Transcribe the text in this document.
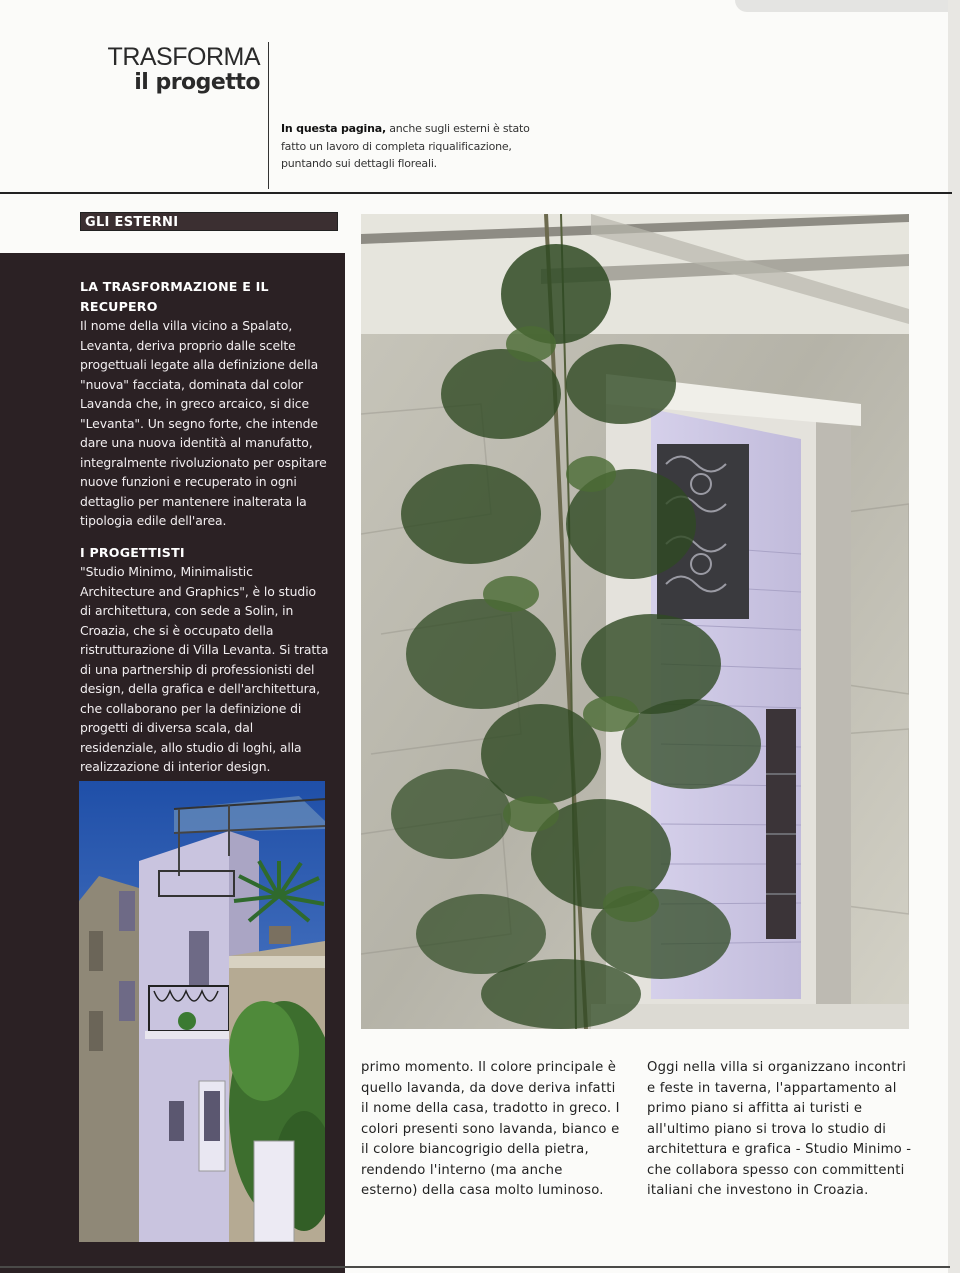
TRASFORMA
il progetto
In questa pagina, anche sugli esterni è stato fatto un lavoro di completa riqualificazione, puntando sui dettagli floreali.
GLI ESTERNI
LA TRASFORMAZIONE E IL RECUPERO

Il nome della villa vicino a Spalato, Levanta, deriva proprio dalle scelte progettuali legate alla definizione della "nuova" facciata, dominata dal color Lavanda che, in greco arcaico, si dice "Levanta". Un segno forte, che intende dare una nuova identità al manufatto, integralmente rivoluzionato per ospitare nuove funzioni e recuperato in ogni dettaglio per mantenere inalterata la tipologia edile dell'area.

I PROGETTISTI

"Studio Minimo, Minimalistic Architecture and Graphics", è lo studio di architettura, con sede a Solin, in Croazia, che si è occupato della ristrutturazione di Villa Levanta. Si tratta di una partnership di professionisti del design, della grafica e dell'architettura, che collaborano per la definizione di progetti di diversa scala, dal residenziale, allo studio di loghi, alla realizzazione di interior design.

primo momento. Il colore principale è quello lavanda, da dove deriva infatti il nome della casa, tradotto in greco. I colori presenti sono lavanda, bianco e il colore biancogrigio della pietra, rendendo l'interno (ma anche esterno) della casa molto luminoso.
Oggi nella villa si organizzano incontri e feste in taverna, l'appartamento al primo piano si affitta ai turisti e all'ultimo piano si trova lo studio di architettura e grafica - Studio Minimo - che collabora spesso con committenti italiani che investono in Croazia.
